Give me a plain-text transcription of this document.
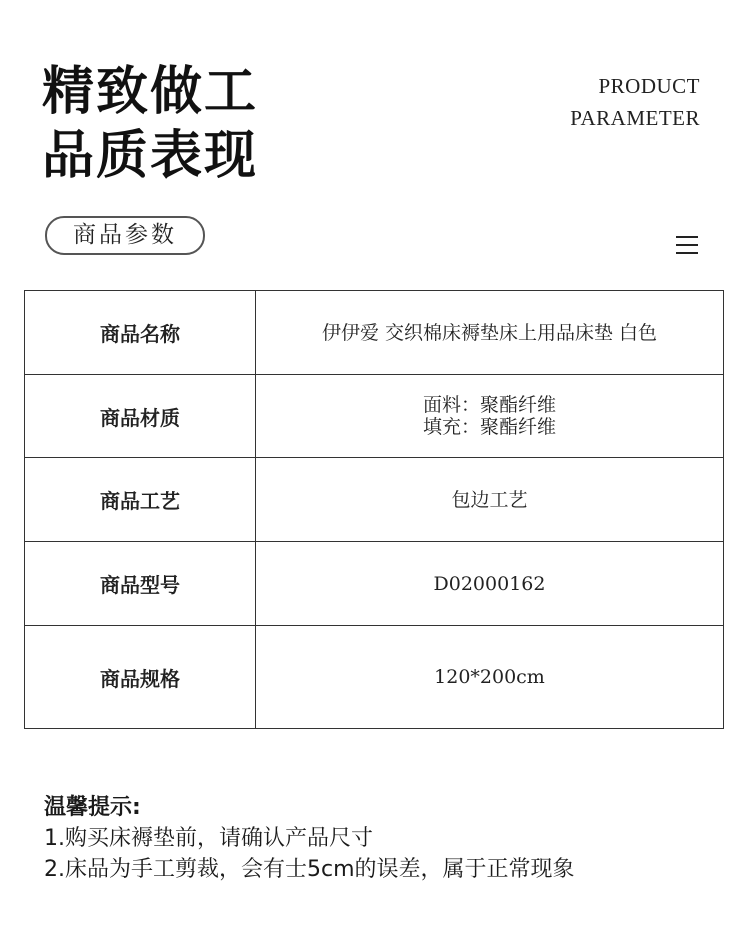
精致做工
品质表现
PRODUCT
PARAMETER
商品参数
商品名称	伊伊爱 交织棉床褥垫床上用品床垫 白色

商品材质	面料：聚酯纤维
填充：聚酯纤维

商品工艺	包边工艺

商品型号	D02000162

商品规格	120*200cm
温馨提示:
1.购买床褥垫前，请确认产品尺寸
2.床品为手工剪裁，会有士5cm的误差，属于正常现象
